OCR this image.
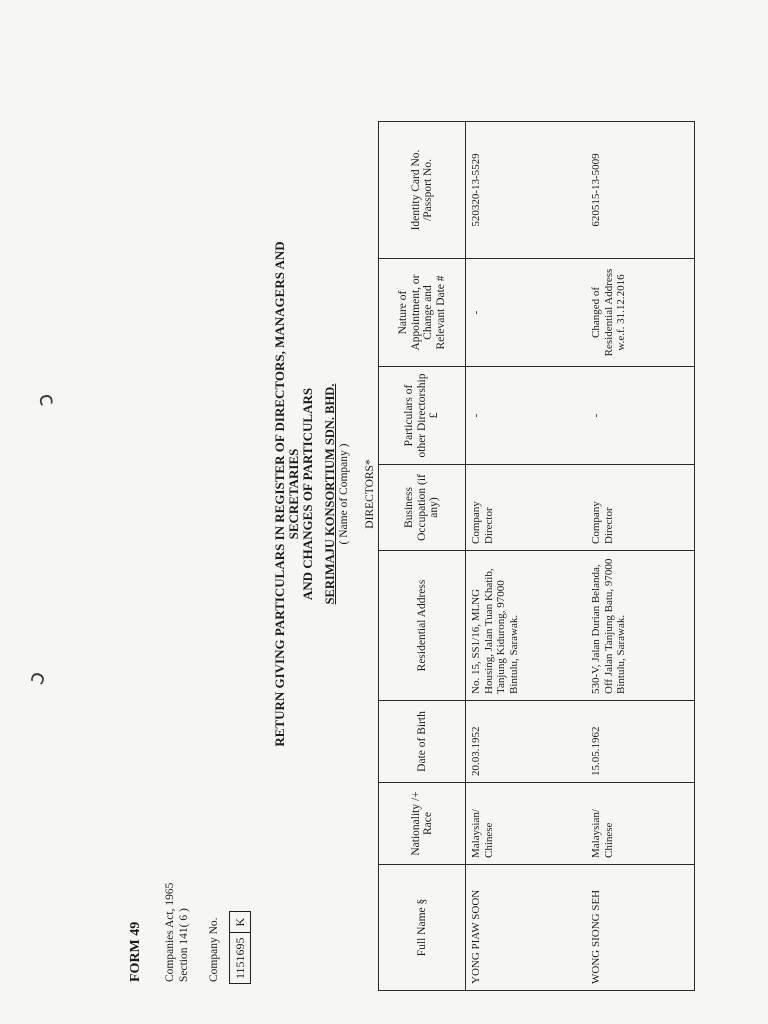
ↄ
ↄ
FORM 49 Companies Act, 1965 Section 141( 6 ) Company No. 1151695
K
RETURN GIVING PARTICULARS IN REGISTER OF DIRECTORS, MANAGERS AND SECRETARIES AND CHANGES OF PARTICULARS SERIMAJU KONSORTIUM SDN. BHD. ( Name of Company ) DIRECTORS*
Full Name §	Nationality /+ Race	Date of Birth	Residential Address	Business Occupation (if any)	Particulars of other Directorship £	Nature of Appointment, or Change and Relevant Date #	Identity Card No. /Passport No.
YONG PIAW SOON	Malaysian/ Chinese	20.03.1952	No. 15, SS1/16, MLNG Housing, Jalan Tuan Khatib, Tanjung Kidurong, 97000 Bintulu, Sarawak.	Company Director	-	-	520320-13-5529
WONG SIONG SEH	Malaysian/ Chinese	15.05.1962	530-V, Jalan Durian Belanda, Off Jalan Tanjung Batu, 97000 Bintulu, Sarawak.	Company Director	-	Changed of Residential Address w.e.f. 31.12.2016	620515-13-5009
